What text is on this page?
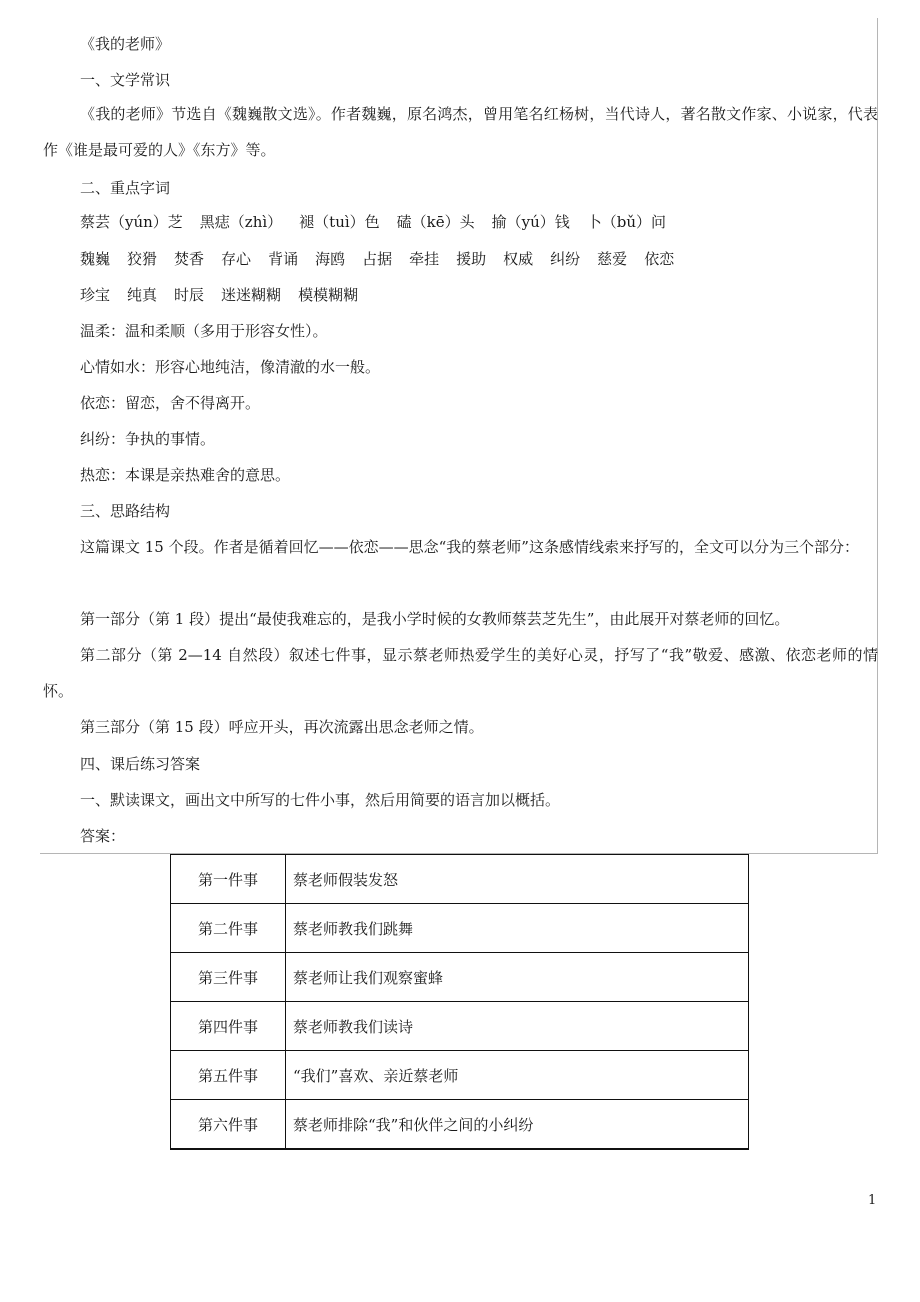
《我的老师》
一、文学常识
《我的老师》节选自《魏巍散文选》。作者魏巍，原名鸿杰，曾用笔名红杨树，当代诗人，著名散文作家、小说家，代表作《谁是最可爱的人》《东方》等。
二、重点字词
蔡芸（yún）芝 黑痣（zhì） 褪（tuì）色 磕（kē）头 揄（yú）钱 卜（bǔ）问
魏巍 狡猾 焚香 存心 背诵 海鸥 占据 牵挂 援助 权威 纠纷 慈爱 依恋
珍宝 纯真 时辰 迷迷糊糊 模模糊糊
温柔：温和柔顺（多用于形容女性）。
心情如水：形容心地纯洁，像清澈的水一般。
依恋：留恋，舍不得离开。
纠纷：争执的事情。
热恋：本课是亲热难舍的意思。
三、思路结构
这篇课文 15 个段。作者是循着回忆——依恋——思念“我的蔡老师”这条感情线索来抒写的，全文可以分为三个部分：
第一部分（第 1 段）提出“最使我难忘的，是我小学时候的女教师蔡芸芝先生”，由此展开对蔡老师的回忆。
第二部分（第 2—14 自然段）叙述七件事，显示蔡老师热爱学生的美好心灵，抒写了“我”敬爱、感激、依恋老师的情怀。
第三部分（第 15 段）呼应开头，再次流露出思念老师之情。
四、课后练习答案
一、默读课文，画出文中所写的七件小事，然后用简要的语言加以概括。
答案：
第一件事	蔡老师假装发怒
第二件事	蔡老师教我们跳舞
第三件事	蔡老师让我们观察蜜蜂
第四件事	蔡老师教我们读诗
第五件事	“我们”喜欢、亲近蔡老师
第六件事	蔡老师排除“我”和伙伴之间的小纠纷
1
